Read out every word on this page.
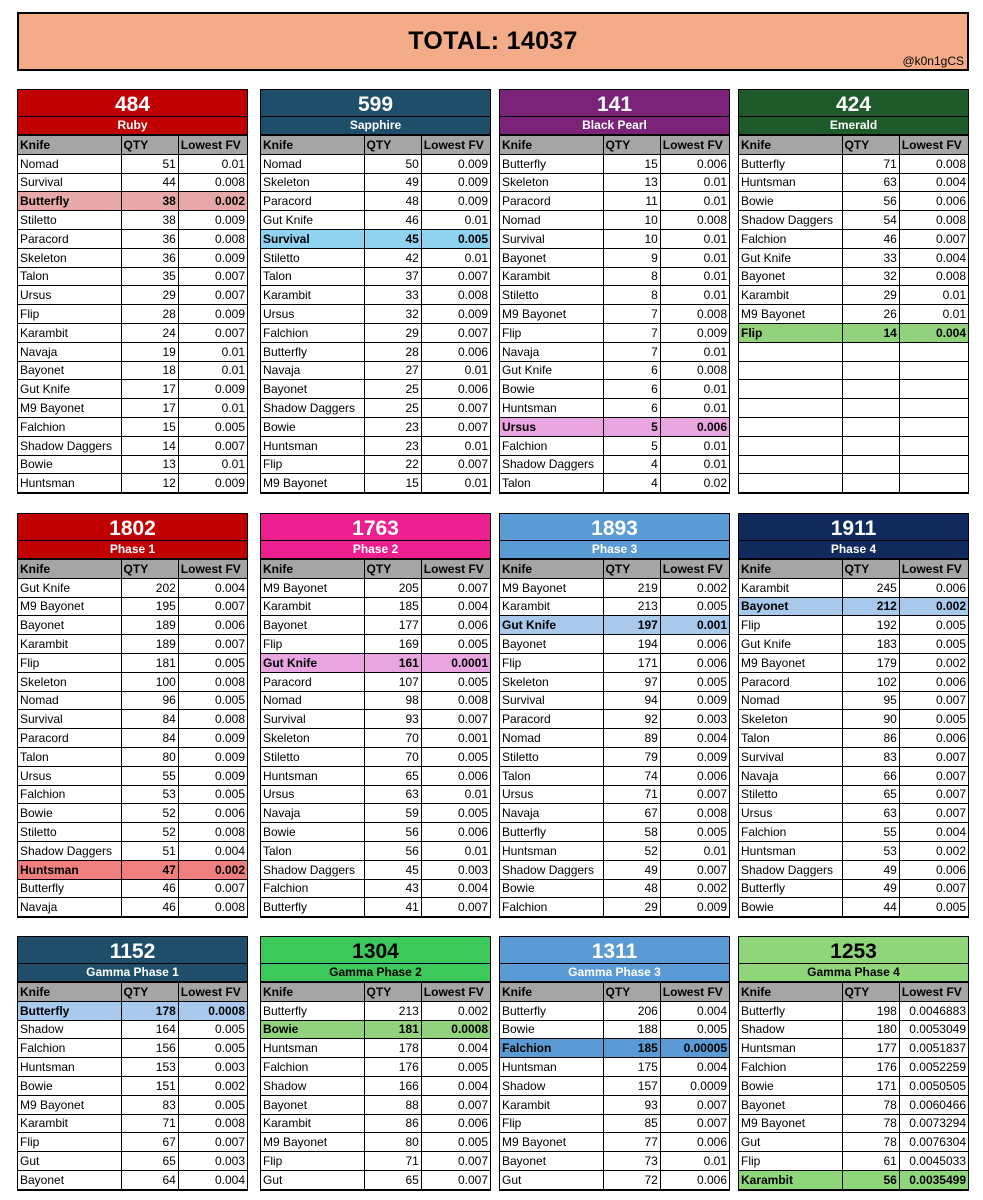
TOTAL: 14037
@k0n1gCS
484
Ruby
Knife	QTY	Lowest FV
Nomad	51	0.01
Survival	44	0.008
Butterfly	38	0.002
Stiletto	38	0.009
Paracord	36	0.008
Skeleton	36	0.009
Talon	35	0.007
Ursus	29	0.007
Flip	28	0.009
Karambit	24	0.007
Navaja	19	0.01
Bayonet	18	0.01
Gut Knife	17	0.009
M9 Bayonet	17	0.01
Falchion	15	0.005
Shadow Daggers	14	0.007
Bowie	13	0.01
Huntsman	12	0.009
599
Sapphire
Knife	QTY	Lowest FV
Nomad	50	0.009
Skeleton	49	0.009
Paracord	48	0.009
Gut Knife	46	0.01
Survival	45	0.005
Stiletto	42	0.01
Talon	37	0.007
Karambit	33	0.008
Ursus	32	0.009
Falchion	29	0.007
Butterfly	28	0.006
Navaja	27	0.01
Bayonet	25	0.006
Shadow Daggers	25	0.007
Bowie	23	0.007
Huntsman	23	0.01
Flip	22	0.007
M9 Bayonet	15	0.01
141
Black Pearl
Knife	QTY	Lowest FV
Butterfly	15	0.006
Skeleton	13	0.01
Paracord	11	0.01
Nomad	10	0.008
Survival	10	0.01
Bayonet	9	0.01
Karambit	8	0.01
Stiletto	8	0.01
M9 Bayonet	7	0.008
Flip	7	0.009
Navaja	7	0.01
Gut Knife	6	0.008
Bowie	6	0.01
Huntsman	6	0.01
Ursus	5	0.006
Falchion	5	0.01
Shadow Daggers	4	0.01
Talon	4	0.02
424
Emerald
Knife	QTY	Lowest FV
Butterfly	71	0.008
Huntsman	63	0.004
Bowie	56	0.006
Shadow Daggers	54	0.008
Falchion	46	0.007
Gut Knife	33	0.004
Bayonet	32	0.008
Karambit	29	0.01
M9 Bayonet	26	0.01
Flip	14	0.004

1802
Phase 1
Knife	QTY	Lowest FV
Gut Knife	202	0.004
M9 Bayonet	195	0.007
Bayonet	189	0.006
Karambit	189	0.007
Flip	181	0.005
Skeleton	100	0.008
Nomad	96	0.005
Survival	84	0.008
Paracord	84	0.009
Talon	80	0.009
Ursus	55	0.009
Falchion	53	0.005
Bowie	52	0.006
Stiletto	52	0.008
Shadow Daggers	51	0.004
Huntsman	47	0.002
Butterfly	46	0.007
Navaja	46	0.008
1763
Phase 2
Knife	QTY	Lowest FV
M9 Bayonet	205	0.007
Karambit	185	0.004
Bayonet	177	0.006
Flip	169	0.005
Gut Knife	161	0.0001
Paracord	107	0.005
Nomad	98	0.008
Survival	93	0.007
Skeleton	70	0.001
Stiletto	70	0.005
Huntsman	65	0.006
Ursus	63	0.01
Navaja	59	0.005
Bowie	56	0.006
Talon	56	0.01
Shadow Daggers	45	0.003
Falchion	43	0.004
Butterfly	41	0.007
1893
Phase 3
Knife	QTY	Lowest FV
M9 Bayonet	219	0.002
Karambit	213	0.005
Gut Knife	197	0.001
Bayonet	194	0.006
Flip	171	0.006
Skeleton	97	0.005
Survival	94	0.009
Paracord	92	0.003
Nomad	89	0.004
Stiletto	79	0.009
Talon	74	0.006
Ursus	71	0.007
Navaja	67	0.008
Butterfly	58	0.005
Huntsman	52	0.01
Shadow Daggers	49	0.007
Bowie	48	0.002
Falchion	29	0.009
1911
Phase 4
Knife	QTY	Lowest FV
Karambit	245	0.006
Bayonet	212	0.002
Flip	192	0.005
Gut Knife	183	0.005
M9 Bayonet	179	0.002
Paracord	102	0.006
Nomad	95	0.007
Skeleton	90	0.005
Talon	86	0.006
Survival	83	0.007
Navaja	66	0.007
Stiletto	65	0.007
Ursus	63	0.007
Falchion	55	0.004
Huntsman	53	0.002
Shadow Daggers	49	0.006
Butterfly	49	0.007
Bowie	44	0.005
1152
Gamma Phase 1
Knife	QTY	Lowest FV
Butterfly	178	0.0008
Shadow	164	0.005
Falchion	156	0.005
Huntsman	153	0.003
Bowie	151	0.002
M9 Bayonet	83	0.005
Karambit	71	0.008
Flip	67	0.007
Gut	65	0.003
Bayonet	64	0.004
1304
Gamma Phase 2
Knife	QTY	Lowest FV
Butterfly	213	0.002
Bowie	181	0.0008
Huntsman	178	0.004
Falchion	176	0.005
Shadow	166	0.004
Bayonet	88	0.007
Karambit	86	0.006
M9 Bayonet	80	0.005
Flip	71	0.007
Gut	65	0.007
1311
Gamma Phase 3
Knife	QTY	Lowest FV
Butterfly	206	0.004
Bowie	188	0.005
Falchion	185	0.00005
Huntsman	175	0.004
Shadow	157	0.0009
Karambit	93	0.007
Flip	85	0.007
M9 Bayonet	77	0.006
Bayonet	73	0.01
Gut	72	0.006
1253
Gamma Phase 4
Knife	QTY	Lowest FV
Butterfly	198	0.0046883
Shadow	180	0.0053049
Huntsman	177	0.0051837
Falchion	176	0.0052259
Bowie	171	0.0050505
Bayonet	78	0.0060466
M9 Bayonet	78	0.0073294
Gut	78	0.0076304
Flip	61	0.0045033
Karambit	56	0.0035499
